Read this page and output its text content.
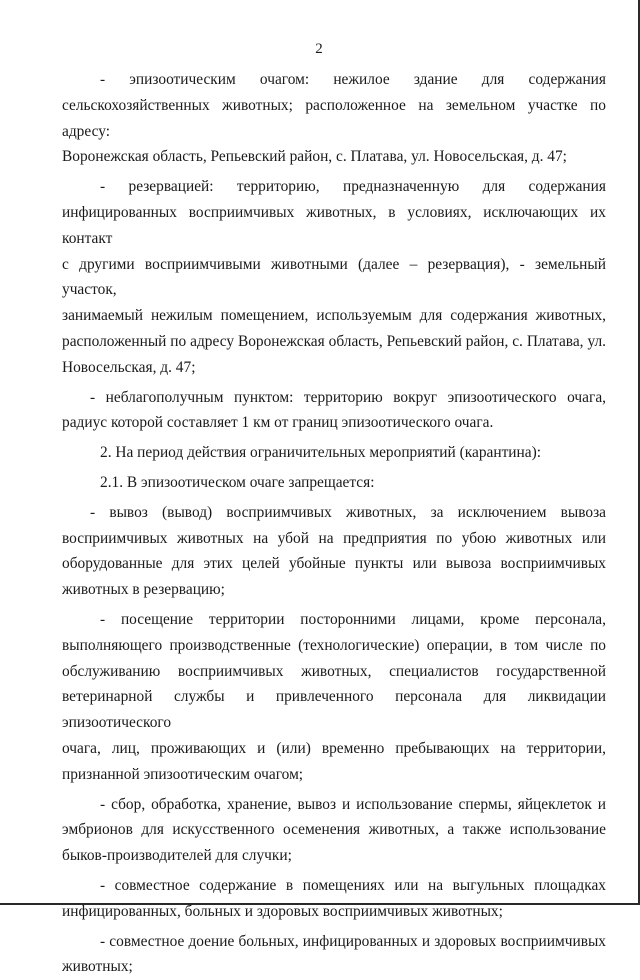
2
- эпизоотическим очагом: нежилое здание для содержания
сельскохозяйственных животных; расположенное на земельном участке по адресу:
Воронежская область, Репьевский район, с. Платава, ул. Новосельская, д. 47;
- резервацией: территорию, предназначенную для содержания
инфицированных восприимчивых животных, в условиях, исключающих их контакт
с другими восприимчивыми животными (далее – резервация), - земельный участок,
занимаемый нежилым помещением, используемым для содержания животных,
расположенный по адресу Воронежская область, Репьевский район, с. Платава, ул.
Новосельская, д. 47;
- неблагополучным пунктом: территорию вокруг эпизоотического очага,
радиус которой составляет 1 км от границ эпизоотического очага.
2. На период действия ограничительных мероприятий (карантина):
2.1. В эпизоотическом очаге запрещается:
- вывоз (вывод) восприимчивых животных, за исключением вывоза
восприимчивых животных на убой на предприятия по убою животных или
оборудованные для этих целей убойные пункты или вывоза восприимчивых
животных в резервацию;
- посещение территории посторонними лицами, кроме персонала,
выполняющего производственные (технологические) операции, в том числе по
обслуживанию восприимчивых животных, специалистов государственной
ветеринарной службы и привлеченного персонала для ликвидации эпизоотического
очага, лиц, проживающих и (или) временно пребывающих на территории,
признанной эпизоотическим очагом;
- сбор, обработка, хранение, вывоз и использование спермы, яйцеклеток и
эмбрионов для искусственного осеменения животных, а также использование
быков-производителей для случки;
- совместное содержание в помещениях или на выгульных площадках
инфицированных, больных и здоровых восприимчивых животных;
- совместное доение больных, инфицированных и здоровых восприимчивых
животных;
